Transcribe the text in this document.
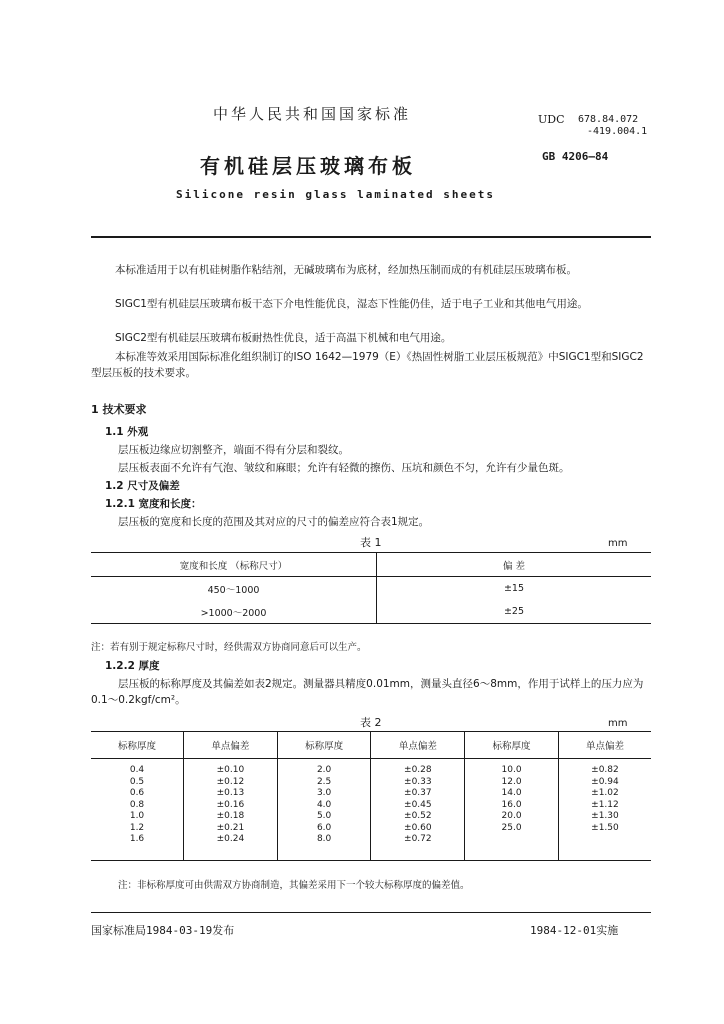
中华人民共和国国家标准	UDC 678.84.072
-419.004.1
有机硅层压玻璃布板	GB 4206—84
Silicone resin glass laminated sheets
本标准适用于以有机硅树脂作粘结剂，无碱玻璃布为底材，经加热压制而成的有机硅层压玻璃布板。
SIGC1型有机硅层压玻璃布板干态下介电性能优良，湿态下性能仍佳，适于电子工业和其他电气用途。
SIGC2型有机硅层压玻璃布板耐热性优良，适于高温下机械和电气用途。
本标准等效采用国际标准化组织制订的ISO 1642—1979（E）《热固性树脂工业层压板规范》中SIGC1型和SIGC2型层压板的技术要求。
1 技术要求
1.1 外观
层压板边缘应切割整齐，端面不得有分层和裂纹。
层压板表面不允许有气泡、皱纹和麻眼；允许有轻微的擦伤、压坑和颜色不匀，允许有少量色斑。
1.2 尺寸及偏差
1.2.1 宽度和长度：
层压板的宽度和长度的范围及其对应的尺寸的偏差应符合表1规定。
表 1	mm
宽度和长度 （标称尺寸）	偏 差
450～1000	±15
>1000～2000	±25
注：若有别于规定标称尺寸时，经供需双方协商同意后可以生产。
1.2.2 厚度
层压板的标称厚度及其偏差如表2规定。测量器具精度0.01mm，测量头直径6～8mm，作用于试样上的压力应为0.1～0.2kgf/cm²。
表 2	mm
标称厚度	单点偏差	标称厚度	单点偏差	标称厚度	单点偏差
0.4	±0.10	2.0	±0.28	10.0	±0.82
0.5	±0.12	2.5	±0.33	12.0	±0.94
0.6	±0.13	3.0	±0.37	14.0	±1.02
0.8	±0.16	4.0	±0.45	16.0	±1.12
1.0	±0.18	5.0	±0.52	20.0	±1.30
1.2	±0.21	6.0	±0.60	25.0	±1.50
1.6	±0.24	8.0	±0.72		
注：非标称厚度可由供需双方协商制造，其偏差采用下一个较大标称厚度的偏差值。
国家标准局1984-03-19发布	1984-12-01实施
